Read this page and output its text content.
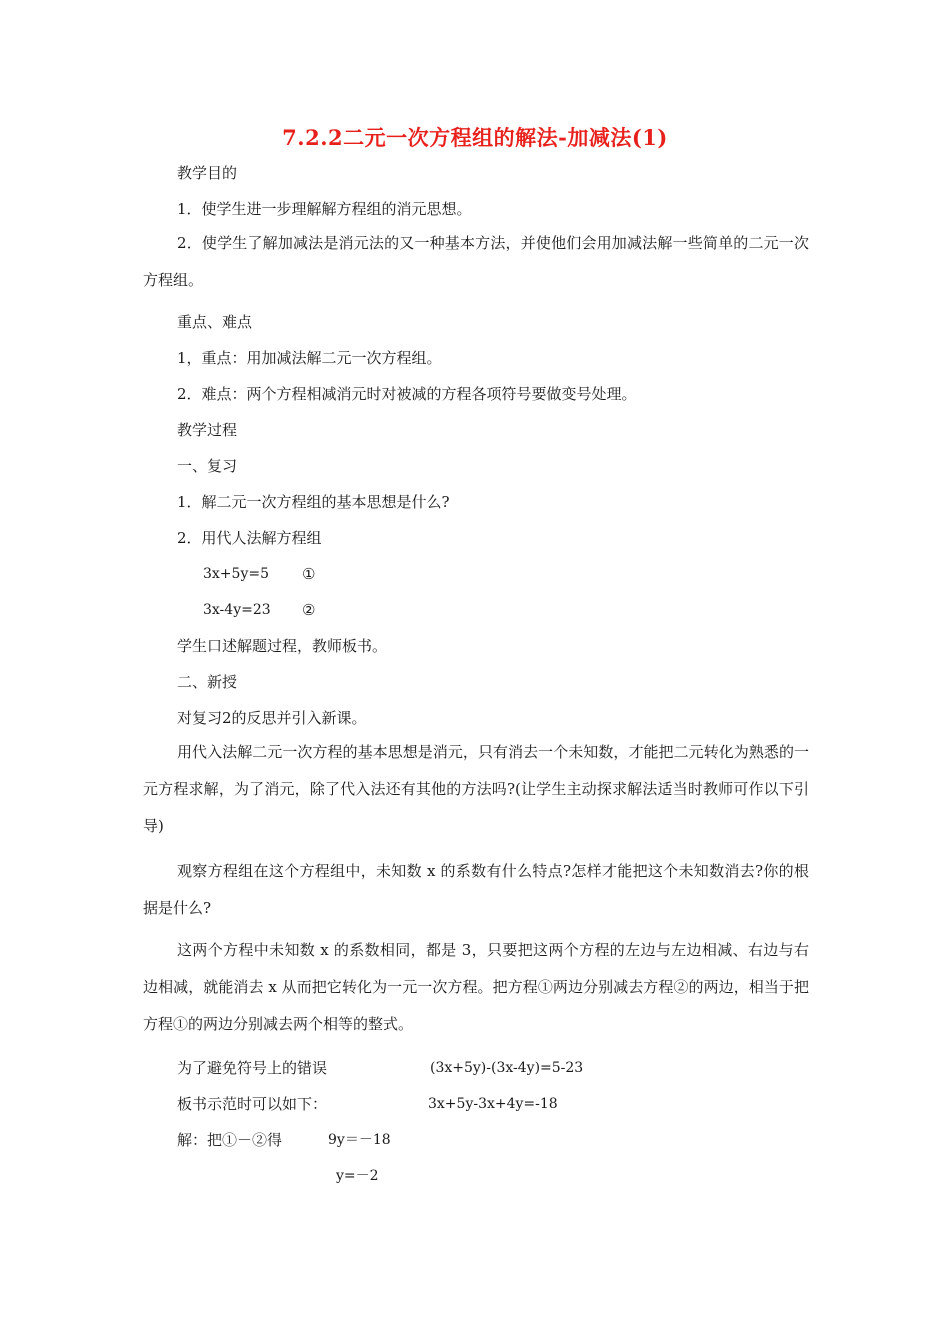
7.2.2二元一次方程组的解法-加减法(1)
教学目的
1．使学生进一步理解解方程组的消元思想。
2．使学生了解加减法是消元法的又一种基本方法，并使他们会用加减法解一些简单的二元一次方程组。
重点、难点
1，重点：用加减法解二元一次方程组。
2．难点：两个方程相减消元时对被减的方程各项符号要做变号处理。
教学过程
一、复习
1．解二元一次方程组的基本思想是什么?
2．用代人法解方程组
3x+5y=5 ①
3x-4y=23 ②
学生口述解题过程，教师板书。
二、新授
对复习2的反思并引入新课。
用代入法解二元一次方程的基本思想是消元，只有消去一个未知数，才能把二元转化为熟悉的一元方程求解，为了消元，除了代入法还有其他的方法吗?(让学生主动探求解法适当时教师可作以下引导)
观察方程组在这个方程组中，未知数 x 的系数有什么特点?怎样才能把这个未知数消去?你的根据是什么?
这两个方程中未知数 x 的系数相同，都是 3，只要把这两个方程的左边与左边相减、右边与右边相减，就能消去 x 从而把它转化为一元一次方程。把方程①两边分别减去方程②的两边，相当于把方程①的两边分别减去两个相等的整式。
为了避免符号上的错误	(3x+5y)-(3x-4y)=5-23
板书示范时可以如下：	3x+5y-3x+4y=-18
解：把①－②得	9y＝－18
y=－2
